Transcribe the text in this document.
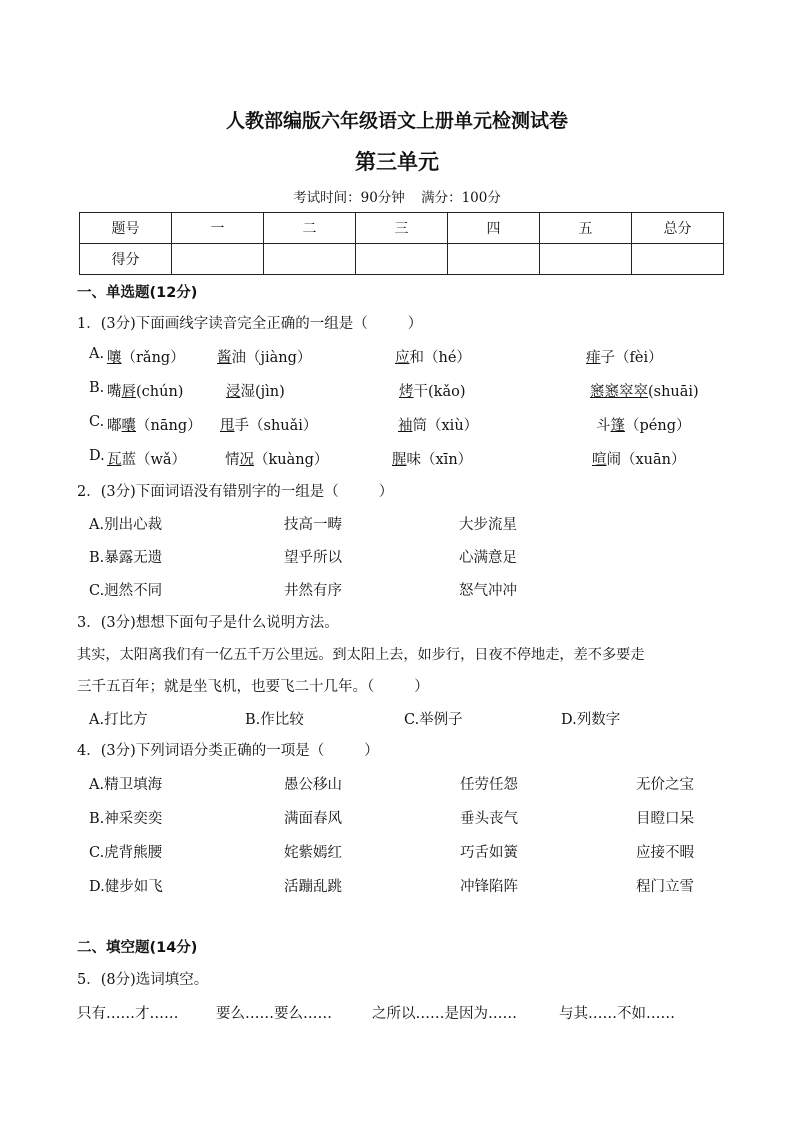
人教部编版六年级语文上册单元检测试卷
第三单元
考试时间：90分钟 满分：100分
题号	一	二	三	四	五	总分
得分						
一、单选题(12分)
1．(3分)下面画线字读音完全正确的一组是（	）
A. 嚷（rǎng） 酱油（jiàng）	应和（hé）	痱子（fèi）
B. 嘴唇(chún)	浸湿(jìn)	烤干(kǎo)	窸窸窣窣(shuāi)
C. 嘟囔（nāng） 甩手（shuǎi）	袖筒（xiù）	斗篷（péng）
D. 瓦蓝（wǎ）	情况（kuàng）	腥味（xīn）	喧闹（xuān）
2．(3分)下面词语没有错别字的一组是（	）
A.别出心裁	技高一畴	大步流星
B.暴露无遗	望乎所以	心满意足
C.迥然不同	井然有序	怒气冲冲
3．(3分)想想下面句子是什么说明方法。
其实，太阳离我们有一亿五千万公里远。到太阳上去，如步行，日夜不停地走，差不多要走
三千五百年；就是坐飞机，也要飞二十几年。（	）
A.打比方	B.作比较	C.举例子	D.列数字
4．(3分)下列词语分类正确的一项是（	）
A.精卫填海	愚公移山	任劳任怨	无价之宝
B.神采奕奕	满面春风	垂头丧气	目瞪口呆
C.虎背熊腰	姹紫嫣红	巧舌如簧	应接不暇
D.健步如飞	活蹦乱跳	冲锋陷阵	程门立雪
二、填空题(14分)
5．(8分)选词填空。
只有……才……	要么……要么……	之所以……是因为……	与其……不如……
